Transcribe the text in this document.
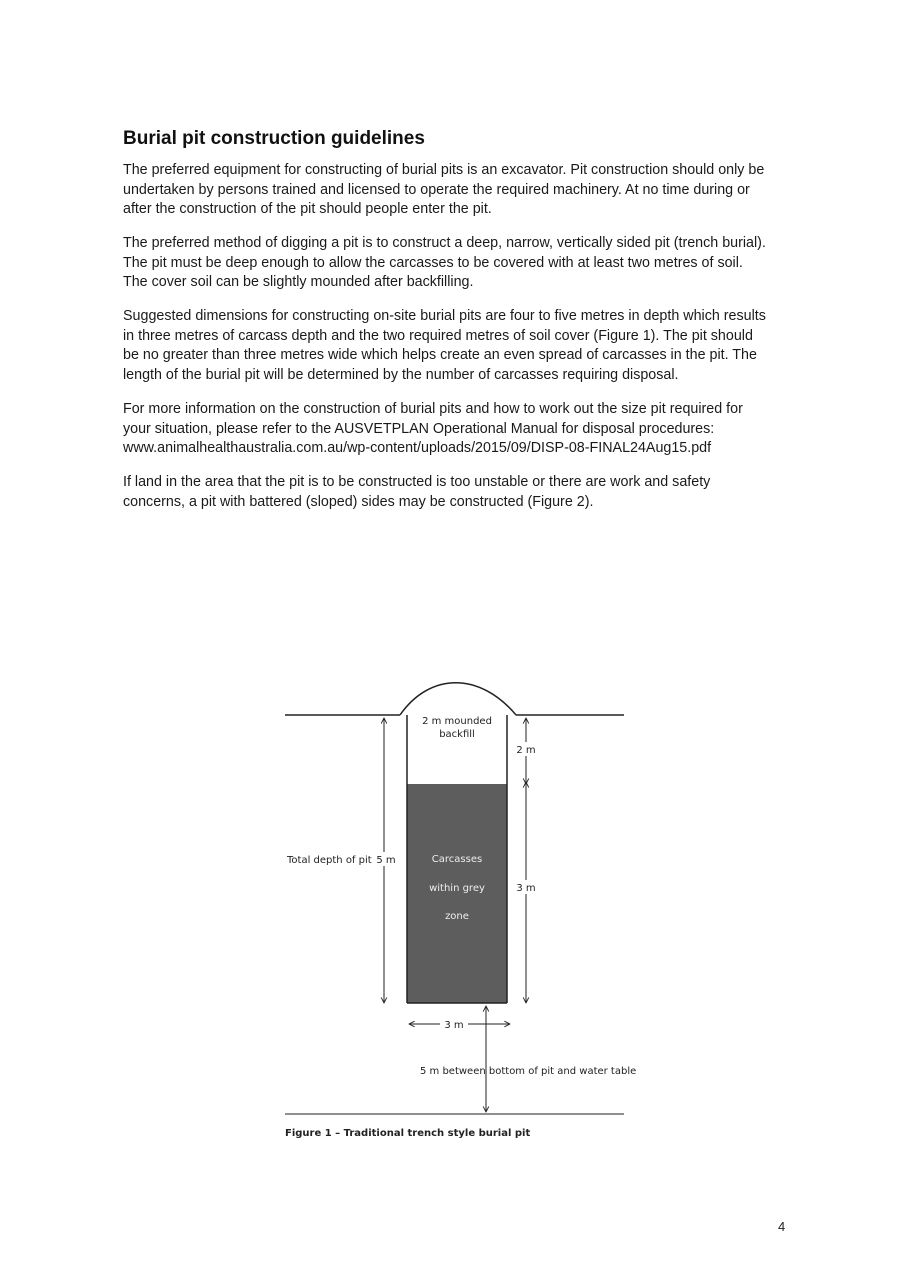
Burial pit construction guidelines

The preferred equipment for constructing of burial pits is an excavator. Pit construction should only be
undertaken by persons trained and licensed to operate the required machinery. At no time during or
after the construction of the pit should people enter the pit.

The preferred method of digging a pit is to construct a deep, narrow, vertically sided pit (trench burial).
The pit must be deep enough to allow the carcasses to be covered with at least two metres of soil.
The cover soil can be slightly mounded after backfilling.

Suggested dimensions for constructing on-site burial pits are four to five metres in depth which results
in three metres of carcass depth and the two required metres of soil cover (Figure 1). The pit should
be no greater than three metres wide which helps create an even spread of carcasses in the pit. The
length of the burial pit will be determined by the number of carcasses requiring disposal.

For more information on the construction of burial pits and how to work out the size pit required for
your situation, please refer to the AUSVETPLAN Operational Manual for disposal procedures:
www.animalhealthaustralia.com.au/wp-content/uploads/2015/09/DISP-08-FINAL24Aug15.pdf

If land in the area that the pit is to be constructed is too unstable or there are work and safety
concerns, a pit with battered (sloped) sides may be constructed (Figure 2).

2 m mounded
backfill
2 m
Carcasses
within grey
zone
3 m
Total depth of pit 5 m
3 m
5 m between bottom of pit and water table

Figure 1 – Traditional trench style burial pit

4
